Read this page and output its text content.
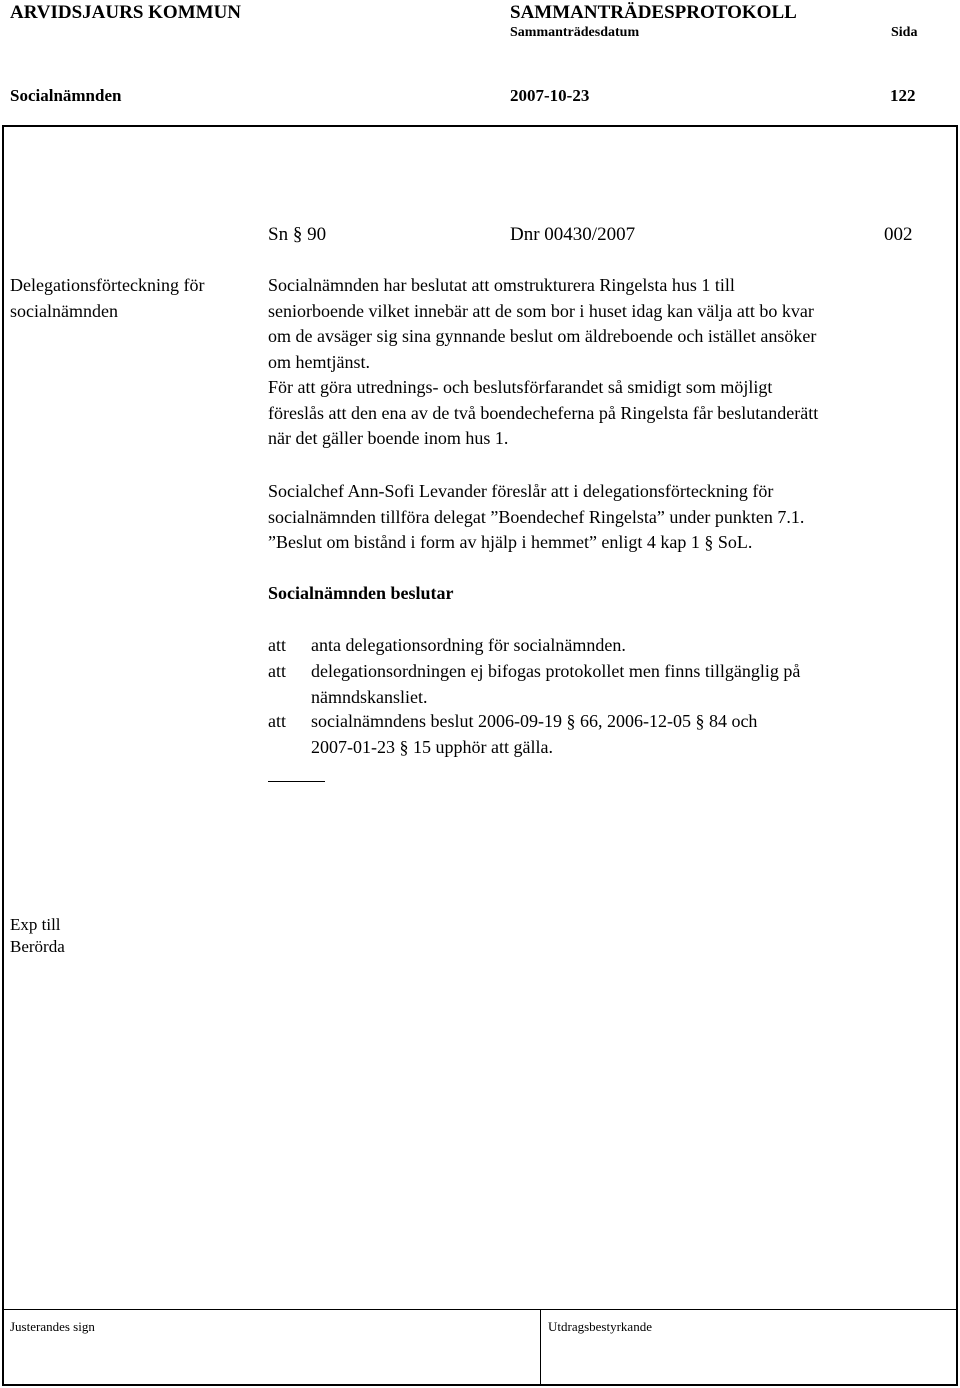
ARVIDSJAURS KOMMUN	SAMMANTRÄDESPROTOKOLL
Sammanträdesdatum	Sida
Socialnämnden	2007-10-23	122
Sn § 90	Dnr 00430/2007	002
Delegationsförteckning för
socialnämnden
Socialnämnden har beslutat att omstrukturera Ringelsta hus 1 till
seniorboende vilket innebär att de som bor i huset idag kan välja att bo kvar
om de avsäger sig sina gynnande beslut om äldreboende och istället ansöker
om hemtjänst.
För att göra utrednings- och beslutsförfarandet så smidigt som möjligt
föreslås att den ena av de två boendecheferna på Ringelsta får beslutanderätt
när det gäller boende inom hus 1.
Socialchef Ann-Sofi Levander föreslår att i delegationsförteckning för
socialnämnden tillföra delegat ”Boendechef Ringelsta” under punkten 7.1.
”Beslut om bistånd i form av hjälp i hemmet” enligt 4 kap 1 § SoL.
Socialnämnden beslutar
att anta delegationsordning för socialnämnden.
att delegationsordningen ej bifogas protokollet men finns tillgänglig på
nämndskansliet.
att socialnämndens beslut 2006-09-19 § 66, 2006-12-05 § 84 och
2007-01-23 § 15 upphör att gälla.
Exp till
Berörda
Justerandes sign	Utdragsbestyrkande
